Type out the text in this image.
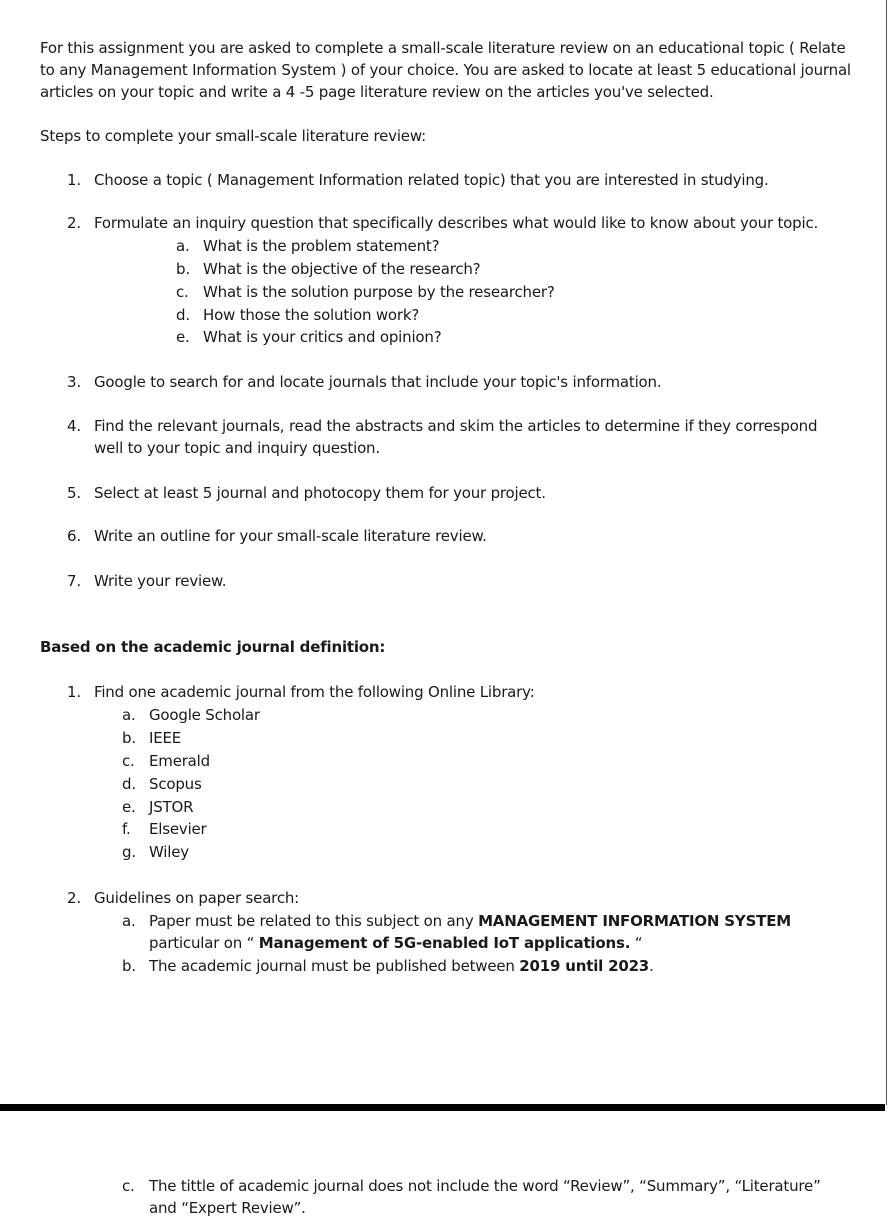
For this assignment you are asked to complete a small-scale literature review on an educational topic ( Relate
to any Management Information System ) of your choice. You are asked to locate at least 5 educational journal
articles on your topic and write a 4 -5 page literature review on the articles you've selected.
Steps to complete your small-scale literature review:
1. Choose a topic ( Management Information related topic) that you are interested in studying.
2. Formulate an inquiry question that specifically describes what would like to know about your topic.
a. What is the problem statement?
b. What is the objective of the research?
c. What is the solution purpose by the researcher?
d. How those the solution work?
e. What is your critics and opinion?
3. Google to search for and locate journals that include your topic's information.
4. Find the relevant journals, read the abstracts and skim the articles to determine if they correspond
well to your topic and inquiry question.
5. Select at least 5 journal and photocopy them for your project.
6. Write an outline for your small-scale literature review.
7. Write your review.
Based on the academic journal definition:
1. Find one academic journal from the following Online Library:
a. Google Scholar
b. IEEE
c. Emerald
d. Scopus
e. JSTOR
f. Elsevier
g. Wiley
2. Guidelines on paper search:
a. Paper must be related to this subject on any MANAGEMENT INFORMATION SYSTEM
particular on “ Management of 5G-enabled IoT applications. “
b. The academic journal must be published between 2019 until 2023.
c. The tittle of academic journal does not include the word “Review”, “Summary”, “Literature”
and “Expert Review”.
